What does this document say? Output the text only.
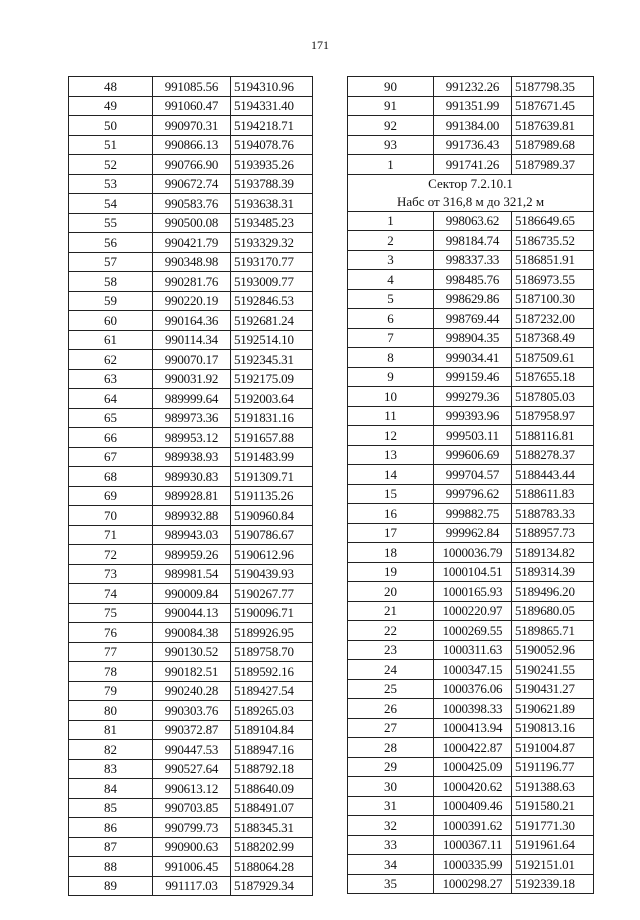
171
48	991085.56	5194310.96
49	991060.47	5194331.40
50	990970.31	5194218.71
51	990866.13	5194078.76
52	990766.90	5193935.26
53	990672.74	5193788.39
54	990583.76	5193638.31
55	990500.08	5193485.23
56	990421.79	5193329.32
57	990348.98	5193170.77
58	990281.76	5193009.77
59	990220.19	5192846.53
60	990164.36	5192681.24
61	990114.34	5192514.10
62	990070.17	5192345.31
63	990031.92	5192175.09
64	989999.64	5192003.64
65	989973.36	5191831.16
66	989953.12	5191657.88
67	989938.93	5191483.99
68	989930.83	5191309.71
69	989928.81	5191135.26
70	989932.88	5190960.84
71	989943.03	5190786.67
72	989959.26	5190612.96
73	989981.54	5190439.93
74	990009.84	5190267.77
75	990044.13	5190096.71
76	990084.38	5189926.95
77	990130.52	5189758.70
78	990182.51	5189592.16
79	990240.28	5189427.54
80	990303.76	5189265.03
81	990372.87	5189104.84
82	990447.53	5188947.16
83	990527.64	5188792.18
84	990613.12	5188640.09
85	990703.85	5188491.07
86	990799.73	5188345.31
87	990900.63	5188202.99
88	991006.45	5188064.28
89	991117.03	5187929.34
90	991232.26	5187798.35
91	991351.99	5187671.45
92	991384.00	5187639.81
93	991736.43	5187989.68
1	991741.26	5187989.37
Сектор 7.2.10.1		
Набс от 316,8 м до 321,2 м		
1	998063.62	5186649.65
2	998184.74	5186735.52
3	998337.33	5186851.91
4	998485.76	5186973.55
5	998629.86	5187100.30
6	998769.44	5187232.00
7	998904.35	5187368.49
8	999034.41	5187509.61
9	999159.46	5187655.18
10	999279.36	5187805.03
11	999393.96	5187958.97
12	999503.11	5188116.81
13	999606.69	5188278.37
14	999704.57	5188443.44
15	999796.62	5188611.83
16	999882.75	5188783.33
17	999962.84	5188957.73
18	1000036.79	5189134.82
19	1000104.51	5189314.39
20	1000165.93	5189496.20
21	1000220.97	5189680.05
22	1000269.55	5189865.71
23	1000311.63	5190052.96
24	1000347.15	5190241.55
25	1000376.06	5190431.27
26	1000398.33	5190621.89
27	1000413.94	5190813.16
28	1000422.87	5191004.87
29	1000425.09	5191196.77
30	1000420.62	5191388.63
31	1000409.46	5191580.21
32	1000391.62	5191771.30
33	1000367.11	5191961.64
34	1000335.99	5192151.01
35	1000298.27	5192339.18
